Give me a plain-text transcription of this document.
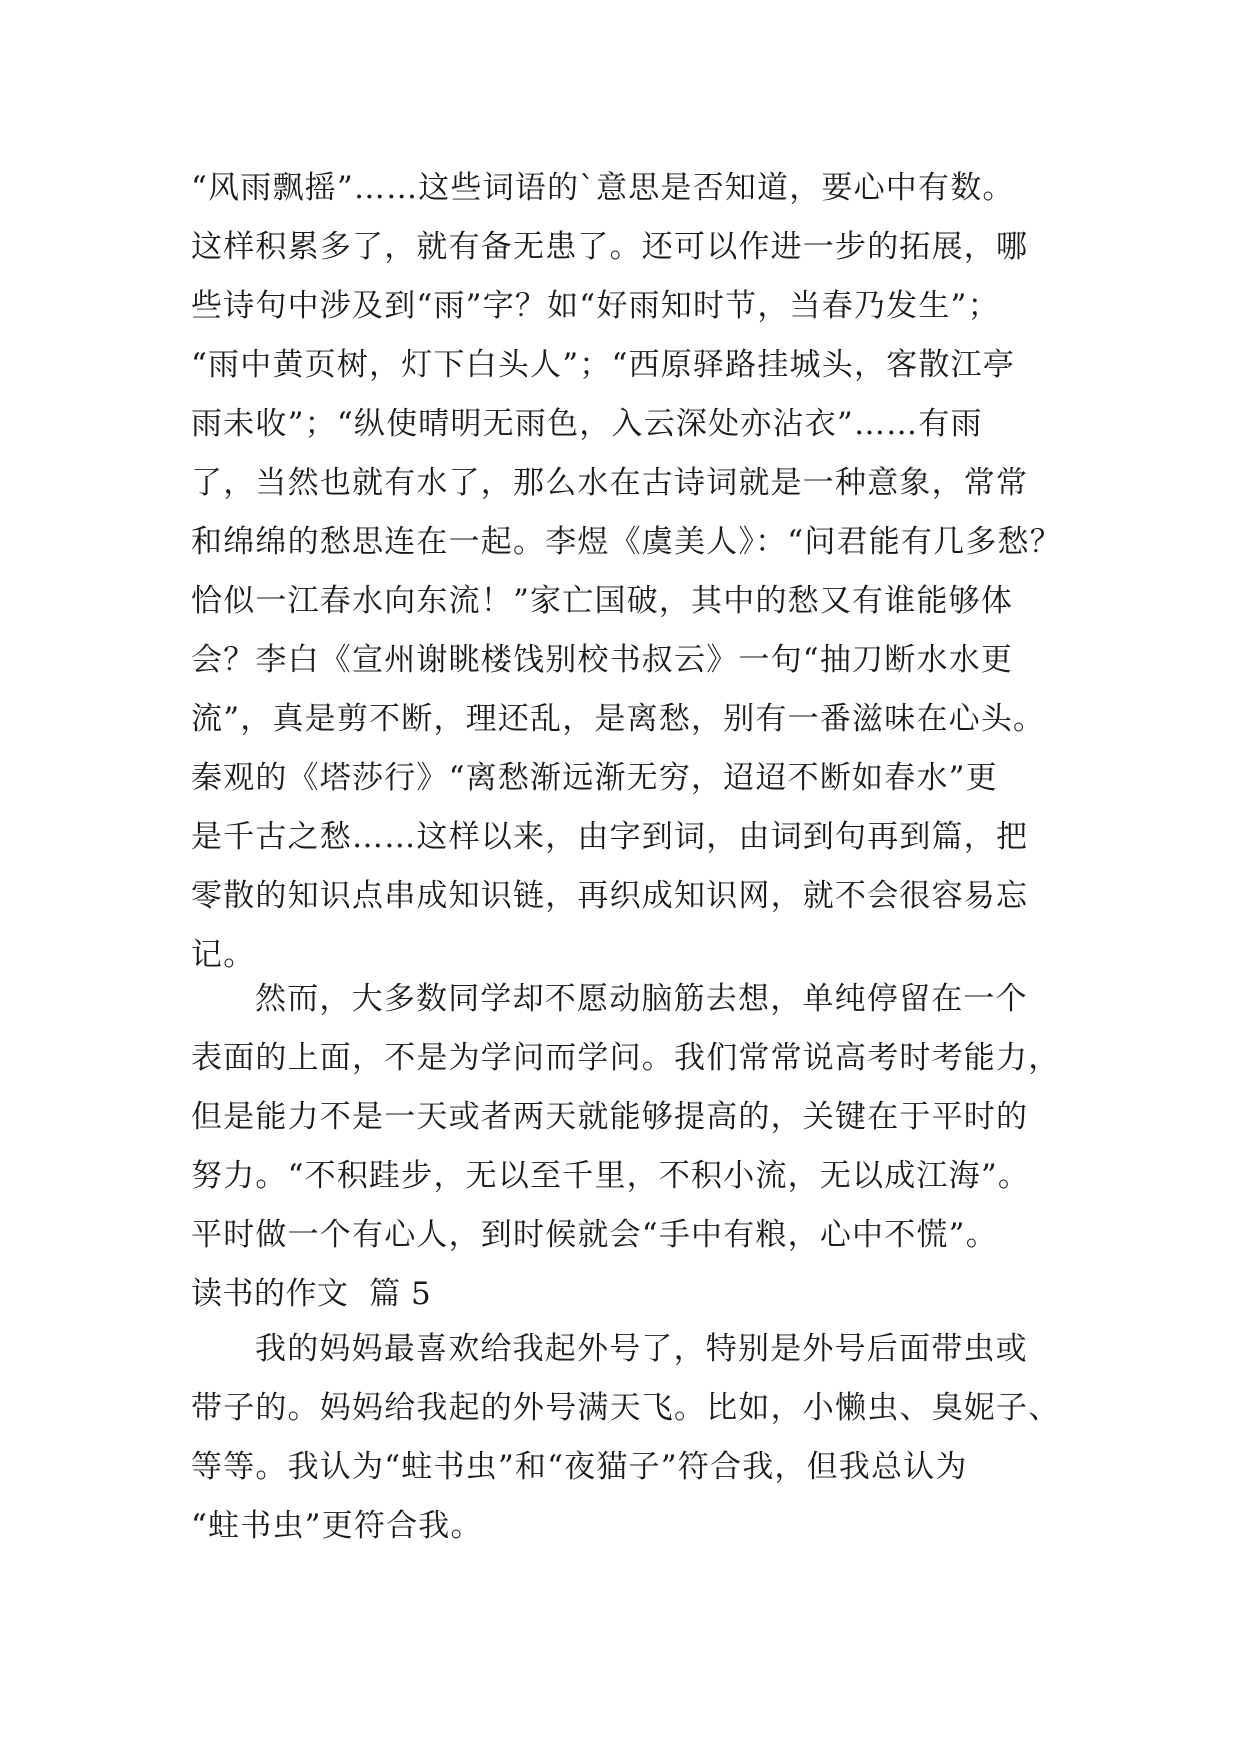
“风雨飘摇”……这些词语的`意思是否知道，要心中有数。
这样积累多了，就有备无患了。还可以作进一步的拓展，哪
些诗句中涉及到“雨”字？如“好雨知时节，当春乃发生”；
“雨中黄页树，灯下白头人”；“西原驿路挂城头，客散江亭
雨未收”；“纵使晴明无雨色，入云深处亦沾衣”……有雨
了，当然也就有水了，那么水在古诗词就是一种意象，常常
和绵绵的愁思连在一起。李煜《虞美人》：“问君能有几多愁？
恰似一江春水向东流！”家亡国破，其中的愁又有谁能够体
会？李白《宣州谢眺楼饯别校书叔云》一句“抽刀断水水更
流”，真是剪不断，理还乱，是离愁，别有一番滋味在心头。
秦观的《塔莎行》“离愁渐远渐无穷，迢迢不断如春水”更
是千古之愁……这样以来，由字到词，由词到句再到篇，把
零散的知识点串成知识链，再织成知识网，就不会很容易忘
记。
然而，大多数同学却不愿动脑筋去想，单纯停留在一个
表面的上面，不是为学问而学问。我们常常说高考时考能力，
但是能力不是一天或者两天就能够提高的，关键在于平时的
努力。“不积跬步，无以至千里，不积小流，无以成江海”。
平时做一个有心人，到时候就会“手中有粮，心中不慌”。
读书的作文  篇 5
我的妈妈最喜欢给我起外号了，特别是外号后面带虫或
带子的。妈妈给我起的外号满天飞。比如，小懒虫、臭妮子、
等等。我认为“蛀书虫”和“夜猫子”符合我，但我总认为
“蛀书虫”更符合我。
